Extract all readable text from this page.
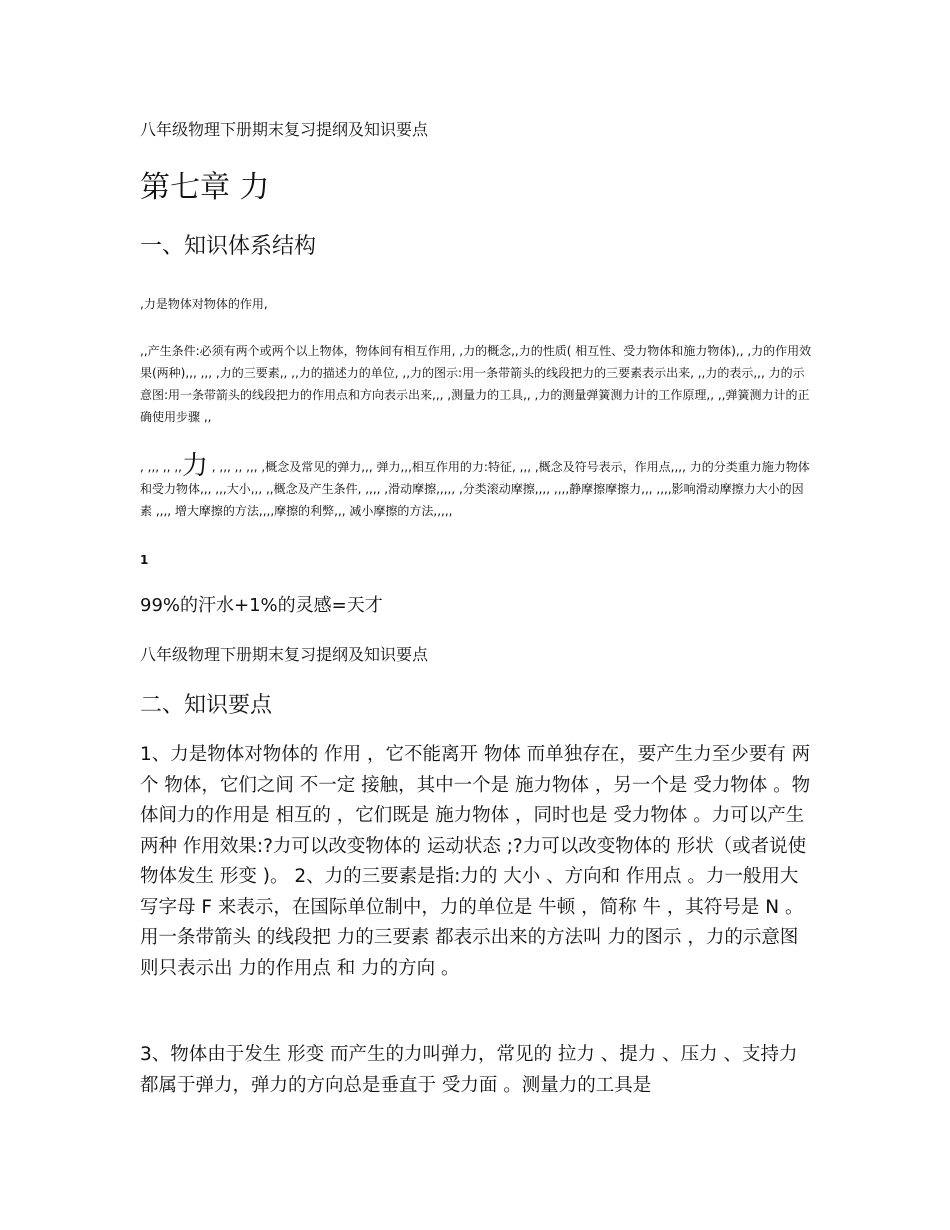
八年级物理下册期末复习提纲及知识要点
第七章 力
一、知识体系结构
,力是物体对物体的作用,
,,产生条件:必须有两个或两个以上物体，物体间有相互作用, ,力的概念,,力的性质( 相互性、受力物体和施力物体),, ,力的作用效果(两种),,, ,,, ,力的三要素,, ,,力的描述力的单位, ,,力的图示:用一条带箭头的线段把力的三要素表示出来, ,,力的表示,,, 力的示意图:用一条带箭头的线段把力的作用点和方向表示出来,,, ,测量力的工具,, ,力的测量弹簧测力计的工作原理,, ,,弹簧测力计的正确使用步骤 ,,
, ,,, ,, ,,力 , ,,, ,, ,,, ,概念及常见的弹力,,, 弹力,,,相互作用的力:特征, ,,, ,概念及符号表示，作用点,,,, 力的分类重力施力物体和受力物体,,, ,,,大小,,, ,,概念及产生条件, ,,,, ,滑动摩擦,,,,, ,分类滚动摩擦,,,, ,,,,静摩擦摩擦力,,, ,,,,影响滑动摩擦力大小的因素 ,,,, 增大摩擦的方法,,,,摩擦的利弊,,, 减小摩擦的方法,,,,,
1
99%的汗水+1%的灵感=天才
八年级物理下册期末复习提纲及知识要点
二、知识要点
1、力是物体对物体的 作用 ，它不能离开 物体 而单独存在，要产生力至少要有 两个 物体，它们之间 不一定 接触，其中一个是 施力物体 ，另一个是 受力物体 。物体间力的作用是 相互的 ，它们既是 施力物体 ，同时也是 受力物体 。力可以产生 两种 作用效果:?力可以改变物体的 运动状态 ;?力可以改变物体的 形状（或者说使物体发生 形变 )。 2、力的三要素是指:力的 大小 、方向和 作用点 。力一般用大写字母 F 来表示，在国际单位制中，力的单位是 牛顿 ，简称 牛 ，其符号是 N 。用一条带箭头 的线段把 力的三要素 都表示出来的方法叫 力的图示 ，力的示意图则只表示出 力的作用点 和 力的方向 。
3、物体由于发生 形变 而产生的力叫弹力，常见的 拉力 、提力 、压力 、支持力 都属于弹力，弹力的方向总是垂直于 受力面 。测量力的工具是
